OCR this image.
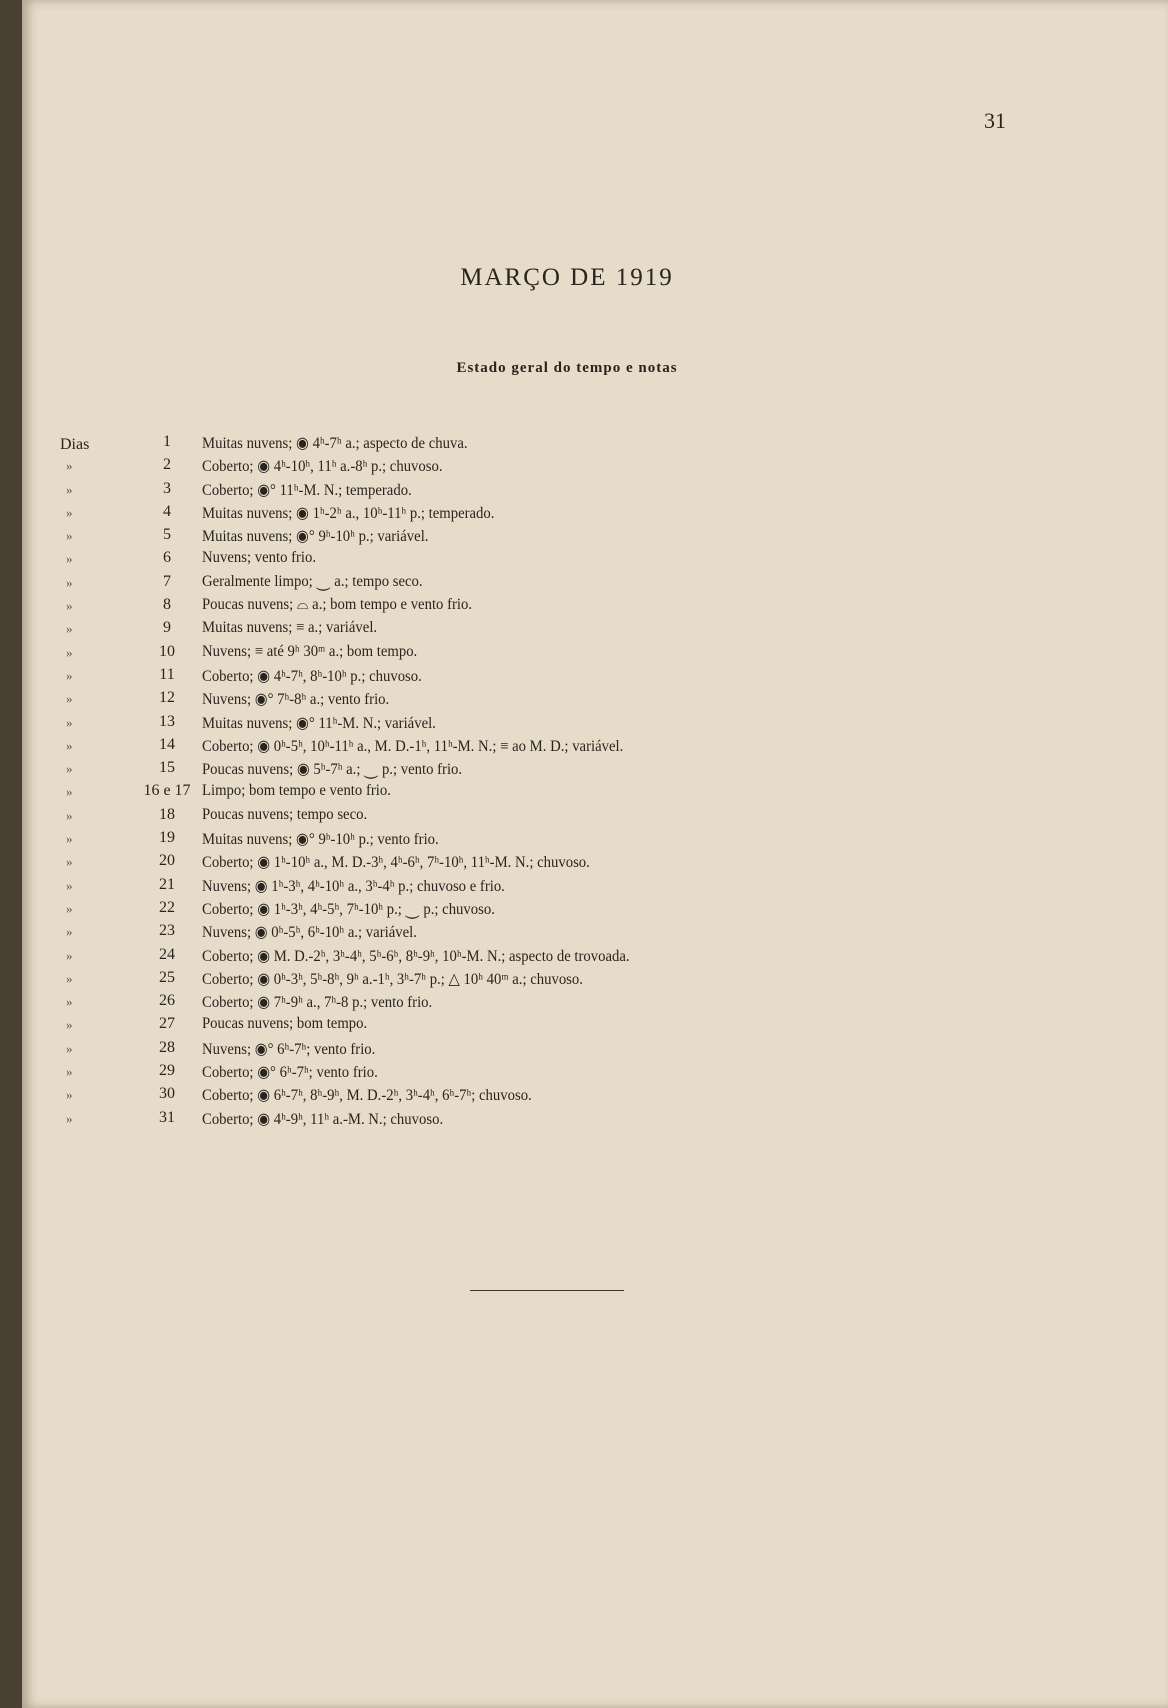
31
MARÇO DE 1919
Estado geral do tempo e notas
Dias	1	Muitas nuvens; ◉ 4ʰ-7ʰ a.; aspecto de chuva.
»	2	Coberto; ◉ 4ʰ-10ʰ, 11ʰ a.-8ʰ p.; chuvoso.
»	3	Coberto; ◉° 11ʰ-M. N.; temperado.
»	4	Muitas nuvens; ◉ 1ʰ-2ʰ a., 10ʰ-11ʰ p.; temperado.
»	5	Muitas nuvens; ◉° 9ʰ-10ʰ p.; variável.
»	6	Nuvens; vento frio.
»	7	Geralmente limpo; ⏝ a.; tempo seco.
»	8	Poucas nuvens; ⌓ a.; bom tempo e vento frio.
»	9	Muitas nuvens; ≡ a.; variável.
»	10	Nuvens; ≡ até 9ʰ 30ᵐ a.; bom tempo.
»	11	Coberto; ◉ 4ʰ-7ʰ, 8ʰ-10ʰ p.; chuvoso.
»	12	Nuvens; ◉° 7ʰ-8ʰ a.; vento frio.
»	13	Muitas nuvens; ◉° 11ʰ-M. N.; variável.
»	14	Coberto; ◉ 0ʰ-5ʰ, 10ʰ-11ʰ a., M. D.-1ʰ, 11ʰ-M. N.; ≡ ao M. D.; variável.
»	15	Poucas nuvens; ◉ 5ʰ-7ʰ a.; ⏝ p.; vento frio.
»	16 e 17 Limpo; bom tempo e vento frio.
»	18	Poucas nuvens; tempo seco.
»	19	Muitas nuvens; ◉° 9ʰ-10ʰ p.; vento frio.
»	20	Coberto; ◉ 1ʰ-10ʰ a., M. D.-3ʰ, 4ʰ-6ʰ, 7ʰ-10ʰ, 11ʰ-M. N.; chuvoso.
»	21	Nuvens; ◉ 1ʰ-3ʰ, 4ʰ-10ʰ a., 3ʰ-4ʰ p.; chuvoso e frio.
»	22	Coberto; ◉ 1ʰ-3ʰ, 4ʰ-5ʰ, 7ʰ-10ʰ p.; ⏝ p.; chuvoso.
»	23	Nuvens; ◉ 0ʰ-5ʰ, 6ʰ-10ʰ a.; variável.
»	24	Coberto; ◉ M. D.-2ʰ, 3ʰ-4ʰ, 5ʰ-6ʰ, 8ʰ-9ʰ, 10ʰ-M. N.; aspecto de trovoada.
»	25	Coberto; ◉ 0ʰ-3ʰ, 5ʰ-8ʰ, 9ʰ a.-1ʰ, 3ʰ-7ʰ p.; △ 10ʰ 40ᵐ a.; chuvoso.
»	26	Coberto; ◉ 7ʰ-9ʰ a., 7ʰ-8 p.; vento frio.
»	27	Poucas nuvens; bom tempo.
»	28	Nuvens; ◉° 6ʰ-7ʰ; vento frio.
»	29	Coberto; ◉° 6ʰ-7ʰ; vento frio.
»	30	Coberto; ◉ 6ʰ-7ʰ, 8ʰ-9ʰ, M. D.-2ʰ, 3ʰ-4ʰ, 6ʰ-7ʰ; chuvoso.
»	31	Coberto; ◉ 4ʰ-9ʰ, 11ʰ a.-M. N.; chuvoso.
